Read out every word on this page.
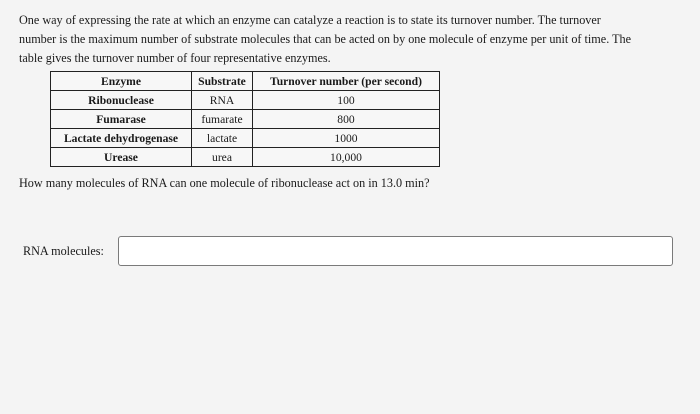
One way of expressing the rate at which an enzyme can catalyze a reaction is to state its turnover number. The turnover

number is the maximum number of substrate molecules that can be acted on by one molecule of enzyme per unit of time. The

table gives the turnover number of four representative enzymes.

Enzyme	Substrate	Turnover number (per second)
Ribonuclease	RNA	100
Fumarase	fumarate	800
Lactate dehydrogenase	lactate	1000
Urease	urea	10,000
How many molecules of RNA can one molecule of ribonuclease act on in 13.0 min?
RNA molecules:
